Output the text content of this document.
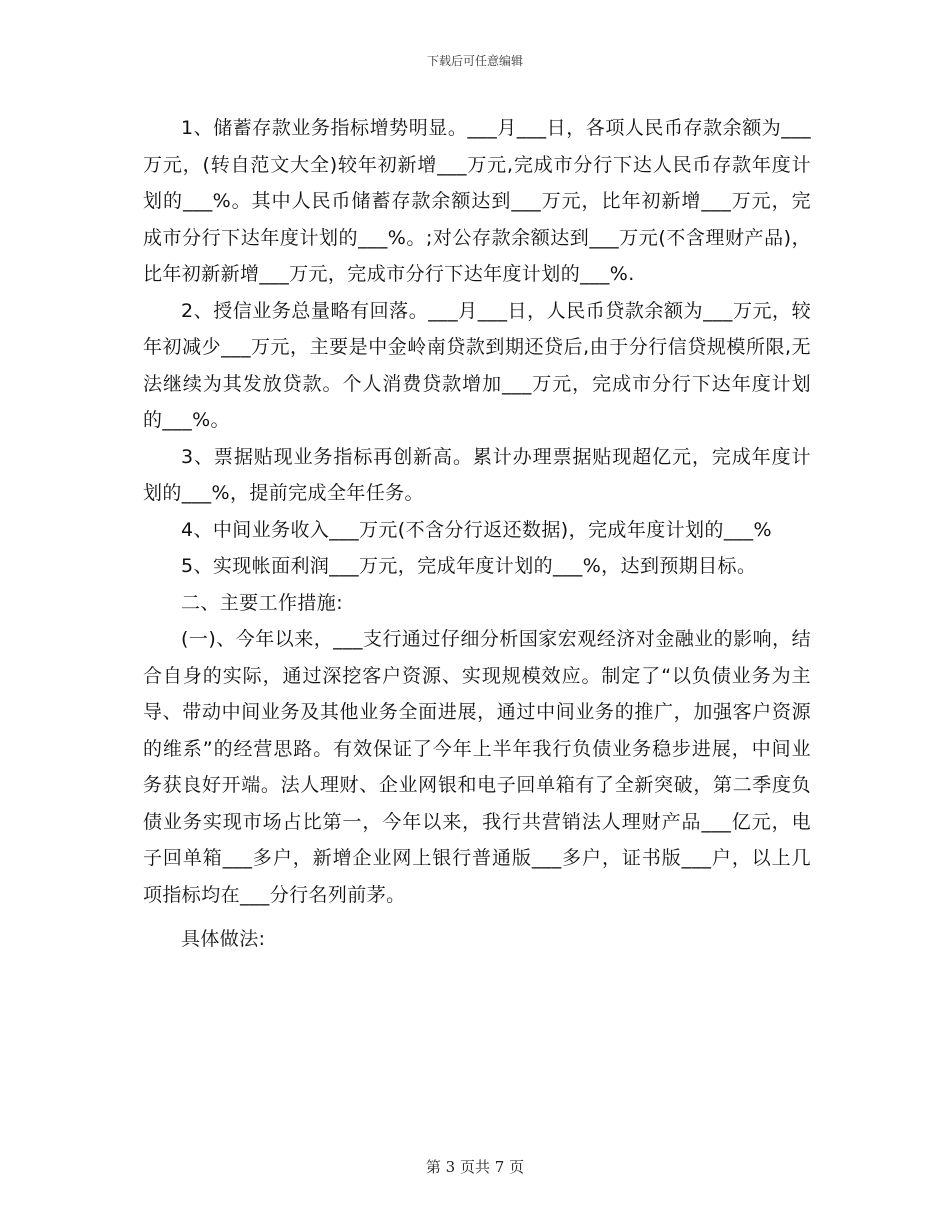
下载后可任意编辑

1、储蓄存款业务指标增势明显。___月___日，各项人民币存款余额为___万元，(转自范文大全)较年初新增___万元,完成市分行下达人民币存款年度计划的___%。其中人民币储蓄存款余额达到___万元，比年初新增___万元，完成市分行下达年度计划的___%。;对公存款余额达到___万元(不含理财产品)，比年初新新增___万元，完成市分行下达年度计划的___%.

2、授信业务总量略有回落。___月___日，人民币贷款余额为___万元，较年初减少___万元，主要是中金岭南贷款到期还贷后,由于分行信贷规模所限,无法继续为其发放贷款。个人消费贷款增加___万元，完成市分行下达年度计划的___%。

3、票据贴现业务指标再创新高。累计办理票据贴现超亿元，完成年度计划的___%，提前完成全年任务。

4、中间业务收入___万元(不含分行返还数据)，完成年度计划的___%

5、实现帐面利润___万元，完成年度计划的___%，达到预期目标。

二、主要工作措施:

(一)、今年以来，___支行通过仔细分析国家宏观经济对金融业的影响，结合自身的实际，通过深挖客户资源、实现规模效应。制定了“以负债业务为主导、带动中间业务及其他业务全面进展，通过中间业务的推广，加强客户资源的维系”的经营思路。有效保证了今年上半年我行负债业务稳步进展，中间业务获良好开端。法人理财、企业网银和电子回单箱有了全新突破，第二季度负债业务实现市场占比第一，今年以来，我行共营销法人理财产品___亿元，电子回单箱___多户，新增企业网上银行普通版___多户，证书版___户，以上几项指标均在___分行名列前茅。

具体做法:

第 3 页共 7 页
